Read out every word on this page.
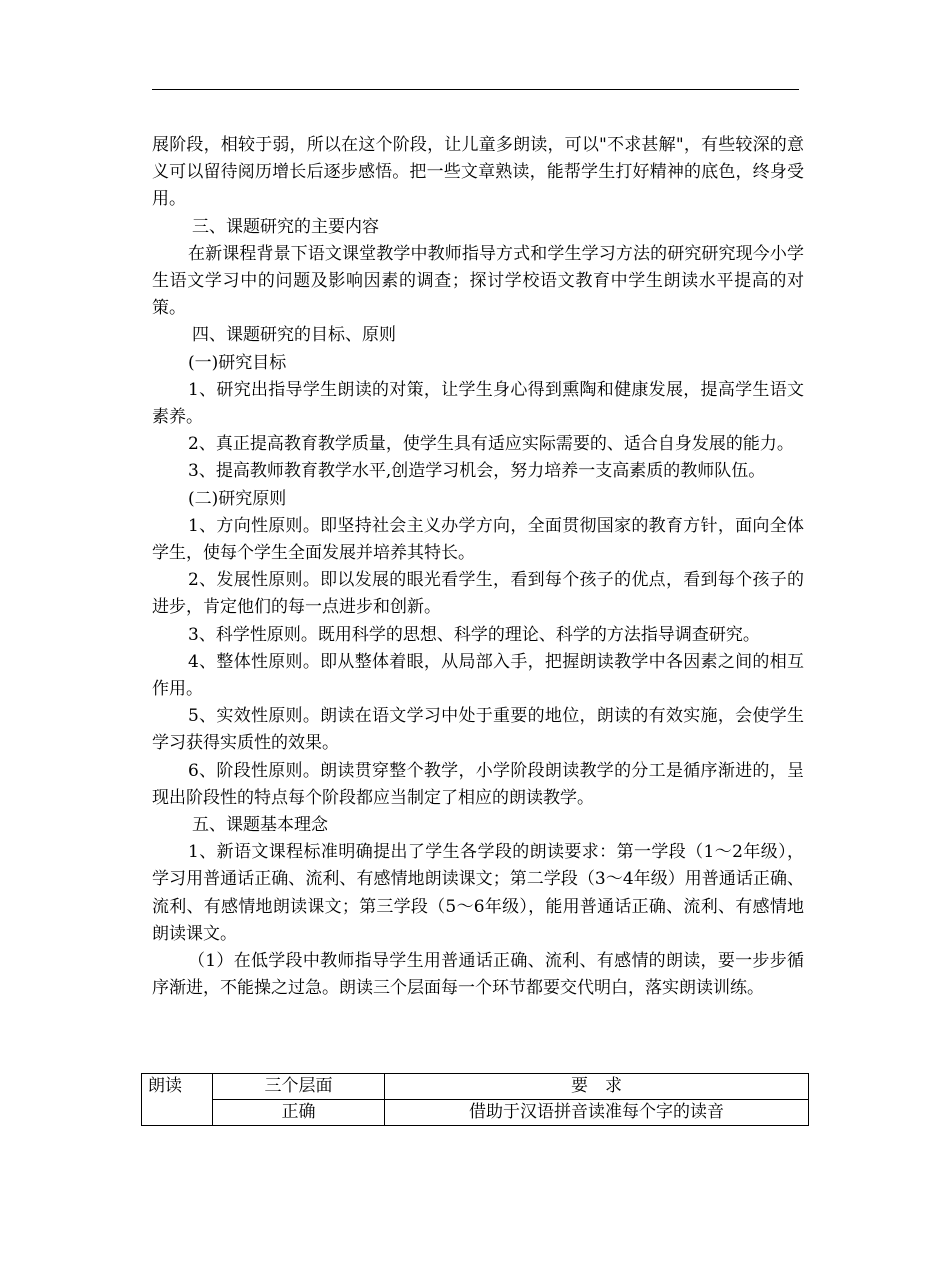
展阶段，相较于弱，所以在这个阶段，让儿童多朗读，可以"不求甚解"，有些较深的意义可以留待阅历增长后逐步感悟。把一些文章熟读，能帮学生打好精神的底色，终身受用。

三、课题研究的主要内容

在新课程背景下语文课堂教学中教师指导方式和学生学习方法的研究研究现今小学生语文学习中的问题及影响因素的调查；探讨学校语文教育中学生朗读水平提高的对策。

四、课题研究的目标、原则

(一)研究目标

1、研究出指导学生朗读的对策，让学生身心得到熏陶和健康发展，提高学生语文素养。

2、真正提高教育教学质量，使学生具有适应实际需要的、适合自身发展的能力。

3、提高教师教育教学水平,创造学习机会，努力培养一支高素质的教师队伍。

(二)研究原则

1、方向性原则。即坚持社会主义办学方向，全面贯彻国家的教育方针，面向全体学生，使每个学生全面发展并培养其特长。

2、发展性原则。即以发展的眼光看学生，看到每个孩子的优点，看到每个孩子的进步，肯定他们的每一点进步和创新。

3、科学性原则。既用科学的思想、科学的理论、科学的方法指导调查研究。

4、整体性原则。即从整体着眼，从局部入手，把握朗读教学中各因素之间的相互作用。

5、实效性原则。朗读在语文学习中处于重要的地位，朗读的有效实施，会使学生学习获得实质性的效果。

6、阶段性原则。朗读贯穿整个教学，小学阶段朗读教学的分工是循序渐进的，呈现出阶段性的特点每个阶段都应当制定了相应的朗读教学。

五、课题基本理念

1、新语文课程标准明确提出了学生各学段的朗读要求：第一学段（1～2年级），学习用普通话正确、流利、有感情地朗读课文；第二学段（3～4年级）用普通话正确、流利、有感情地朗读课文；第三学段（5～6年级），能用普通话正确、流利、有感情地朗读课文。

（1）在低学段中教师指导学生用普通话正确、流利、有感情的朗读，要一步步循序渐进，不能操之过急。朗读三个层面每一个环节都要交代明白，落实朗读训练。

朗读	三个层面	要　求
	正确	借助于汉语拼音读准每个字的读音
